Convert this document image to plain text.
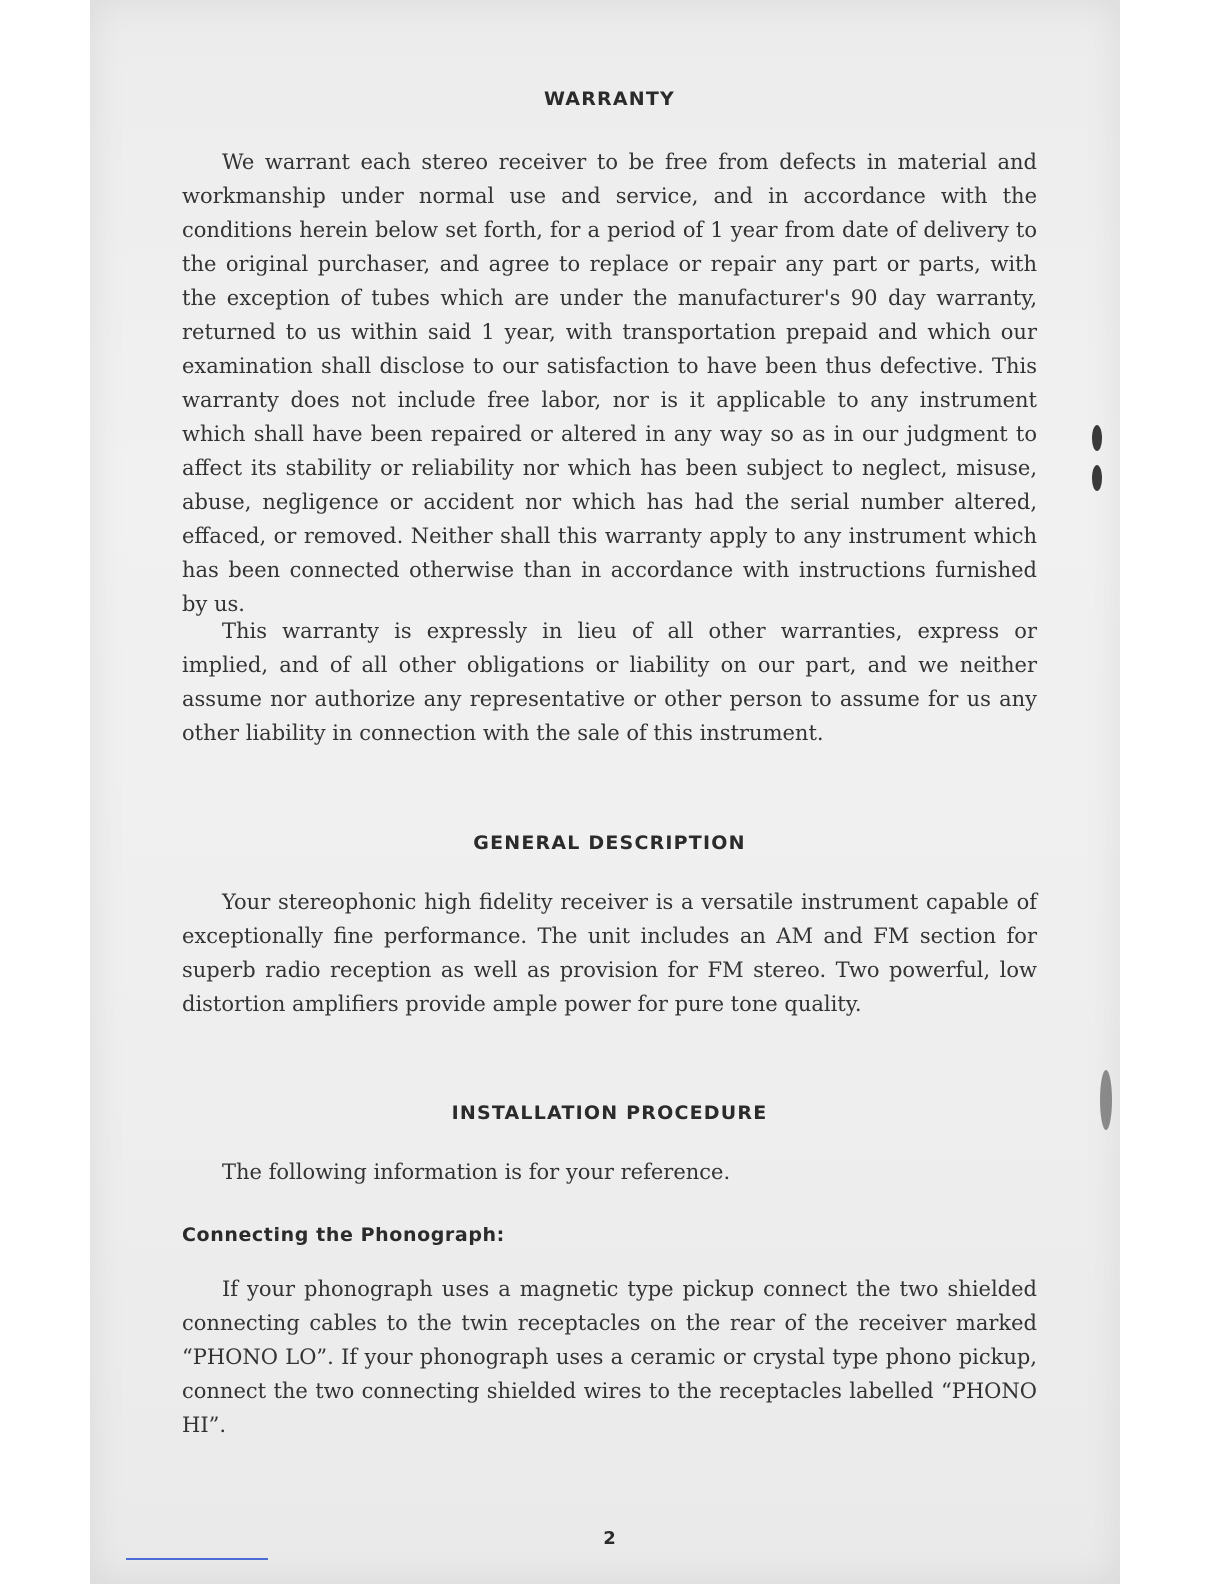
WARRANTY

We warrant each stereo receiver to be free from defects in material and workmanship under normal use and service, and in accordance with the conditions herein below set forth, for a period of 1 year from date of delivery to the original purchaser, and agree to replace or repair any part or parts, with the exception of tubes which are under the manufacturer's 90 day warranty, returned to us within said 1 year, with transportation prepaid and which our examination shall disclose to our satisfaction to have been thus defective. This warranty does not include free labor, nor is it applicable to any instrument which shall have been repaired or altered in any way so as in our judgment to affect its stability or reliability nor which has been subject to neglect, misuse, abuse, negligence or accident nor which has had the serial number altered, effaced, or removed. Neither shall this warranty apply to any instrument which has been connected otherwise than in accordance with instructions furnished by us.

This warranty is expressly in lieu of all other warranties, express or implied, and of all other obligations or liability on our part, and we neither assume nor authorize any representative or other person to assume for us any other liability in connection with the sale of this instrument.

GENERAL DESCRIPTION

Your stereophonic high fidelity receiver is a versatile instrument capable of exceptionally fine performance. The unit includes an AM and FM section for superb radio reception as well as provision for FM stereo. Two powerful, low distortion amplifiers provide ample power for pure tone quality.

INSTALLATION PROCEDURE

The following information is for your reference.

Connecting the Phonograph:

If your phonograph uses a magnetic type pickup connect the two shielded connecting cables to the twin receptacles on the rear of the receiver marked “PHONO LO”. If your phonograph uses a ceramic or crystal type phono pickup, connect the two connecting shielded wires to the receptacles labelled “PHONO HI”.

2
